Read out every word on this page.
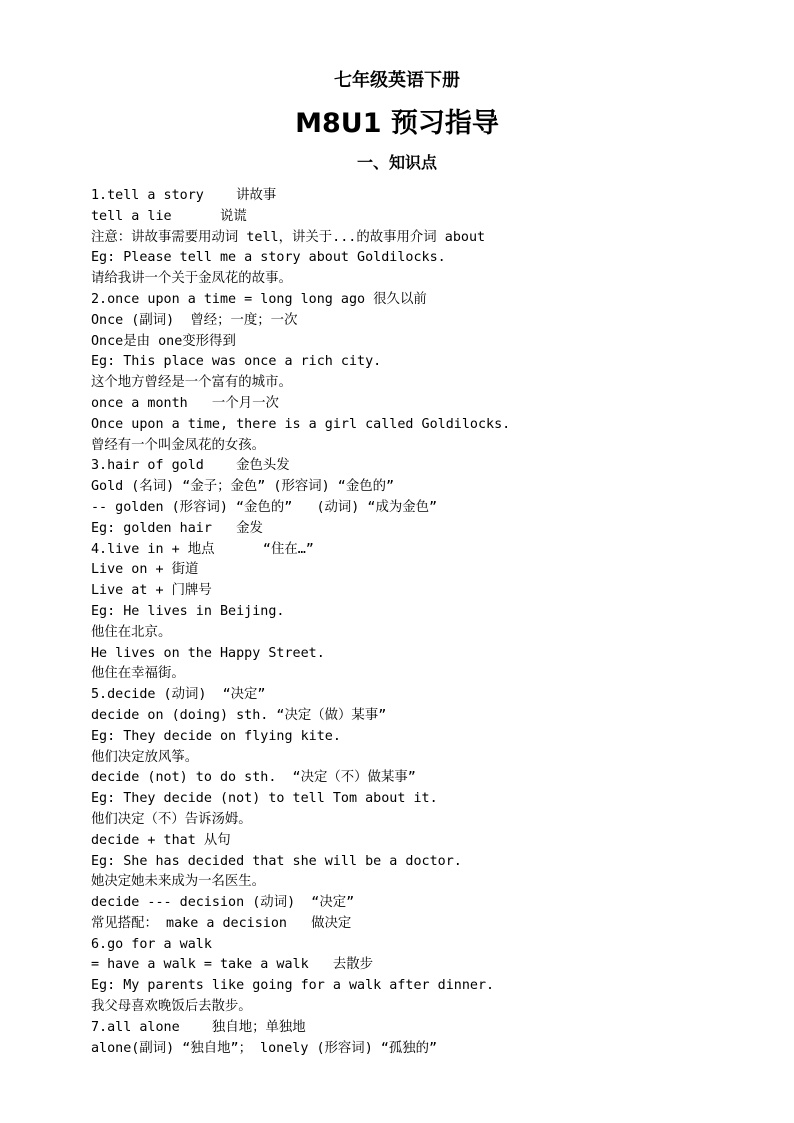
七年级英语下册
M8U1 预习指导
一、知识点
1.tell a story    讲故事
tell a lie      说谎
注意：讲故事需要用动词 tell，讲关于...的故事用介词 about
Eg: Please tell me a story about Goldilocks.
请给我讲一个关于金凤花的故事。
2.once upon a time = long long ago 很久以前
Once (副词)  曾经；一度；一次
Once是由 one变形得到
Eg: This place was once a rich city.
这个地方曾经是一个富有的城市。
once a month   一个月一次
Once upon a time, there is a girl called Goldilocks.
曾经有一个叫金凤花的女孩。
3.hair of gold    金色头发
Gold (名词) “金子；金色” (形容词) “金色的”
-- golden (形容词) “金色的”   (动词) “成为金色”
Eg: golden hair   金发
4.live in + 地点      “住在…”
Live on + 街道
Live at + 门牌号
Eg: He lives in Beijing.
他住在北京。
He lives on the Happy Street.
他住在幸福街。
5.decide (动词)  “决定”
decide on (doing) sth. “决定（做）某事”
Eg: They decide on flying kite.
他们决定放风筝。
decide (not) to do sth.  “决定（不）做某事”
Eg: They decide (not) to tell Tom about it.
他们决定（不）告诉汤姆。
decide + that 从句
Eg: She has decided that she will be a doctor.
她决定她未来成为一名医生。
decide --- decision (动词)  “决定”
常见搭配： make a decision   做决定
6.go for a walk
= have a walk = take a walk   去散步
Eg: My parents like going for a walk after dinner.
我父母喜欢晚饭后去散步。
7.all alone    独自地；单独地
alone(副词) “独自地”； lonely (形容词) “孤独的”
